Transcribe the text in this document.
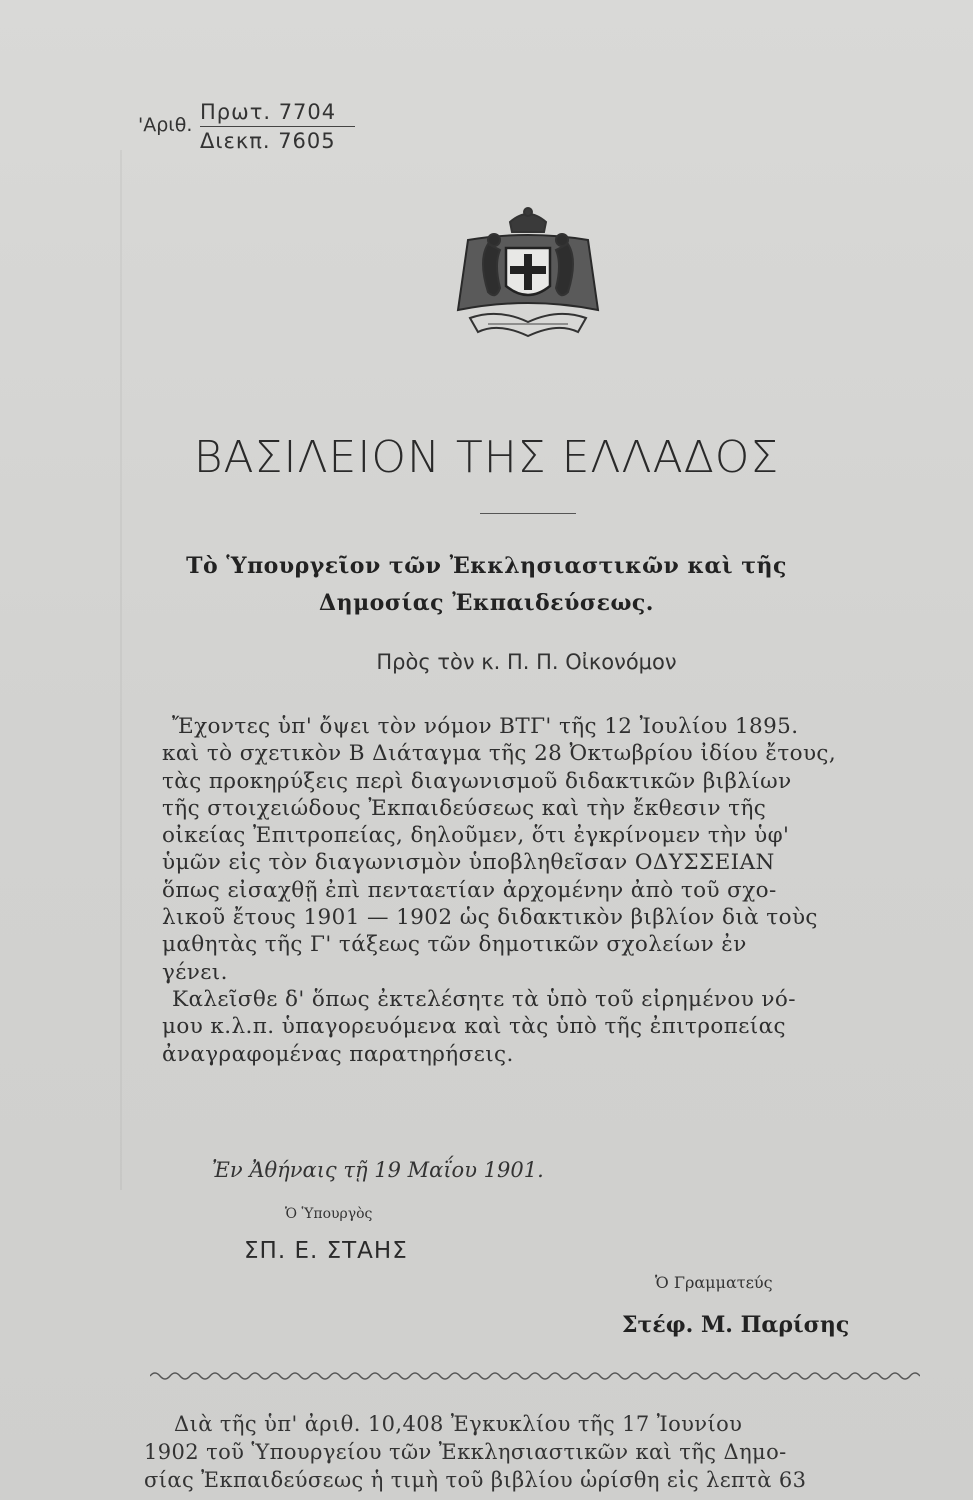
'Αριθ.
Πρωτ. 7704
Διεκπ. 7605
ΒΑΣΙΛΕΙΟΝ ΤΗΣ ΕΛΛΑΔΟΣ
Τὸ Ὑπουργεῖον τῶν Ἐκκλησιαστικῶν καὶ τῆς
Δημοσίας Ἐκπαιδεύσεως.
Πρὸς τὸν κ. Π. Π. Οἰκονόμον
Ἔχοντες ὑπ' ὄψει τὸν νόμον ΒΤΓ' τῆς 12 Ἰουλίου 1895.
καὶ τὸ σχετικὸν Β Διάταγμα τῆς 28 Ὀκτωβρίου ἰδίου ἔτους,
τὰς προκηρύξεις περὶ διαγωνισμοῦ διδακτικῶν βιβλίων
τῆς στοιχειώδους Ἐκπαιδεύσεως καὶ τὴν ἔκθεσιν τῆς
οἰκείας Ἐπιτροπείας, δηλοῦμεν, ὅτι ἐγκρίνομεν τὴν ὑφ'
ὑμῶν εἰς τὸν διαγωνισμὸν ὑποβληθεῖσαν ΟΔΥΣΣΕΙΑΝ
ὅπως εἰσαχθῇ ἐπὶ πενταετίαν ἀρχομένην ἀπὸ τοῦ σχο-
λικοῦ ἔτους 1901 — 1902 ὡς διδακτικὸν βιβλίον διὰ τοὺς
μαθητὰς τῆς Γ' τάξεως τῶν δημοτικῶν σχολείων ἐν
γένει.
Καλεῖσθε δ' ὅπως ἐκτελέσητε τὰ ὑπὸ τοῦ εἰρημένου νό-
μου κ.λ.π. ὑπαγορευόμενα καὶ τὰς ὑπὸ τῆς ἐπιτροπείας
ἀναγραφομένας παρατηρήσεις.
Ἐν Ἀθήναις τῇ 19 Μαΐου 1901.
Ὁ Ὑπουργὸς
ΣΠ. Ε. ΣΤΑΗΣ
Ὁ Γραμματεύς
Στέφ. Μ. Παρίσης
Διὰ τῆς ὑπ' ἀριθ. 10,408 Ἐγκυκλίου τῆς 17 Ἰουνίου
1902 τοῦ Ὑπουργείου τῶν Ἐκκλησιαστικῶν καὶ τῆς Δημο-
σίας Ἐκπαιδεύσεως ἡ τιμὴ τοῦ βιβλίου ὡρίσθη εἰς λεπτὰ 63
